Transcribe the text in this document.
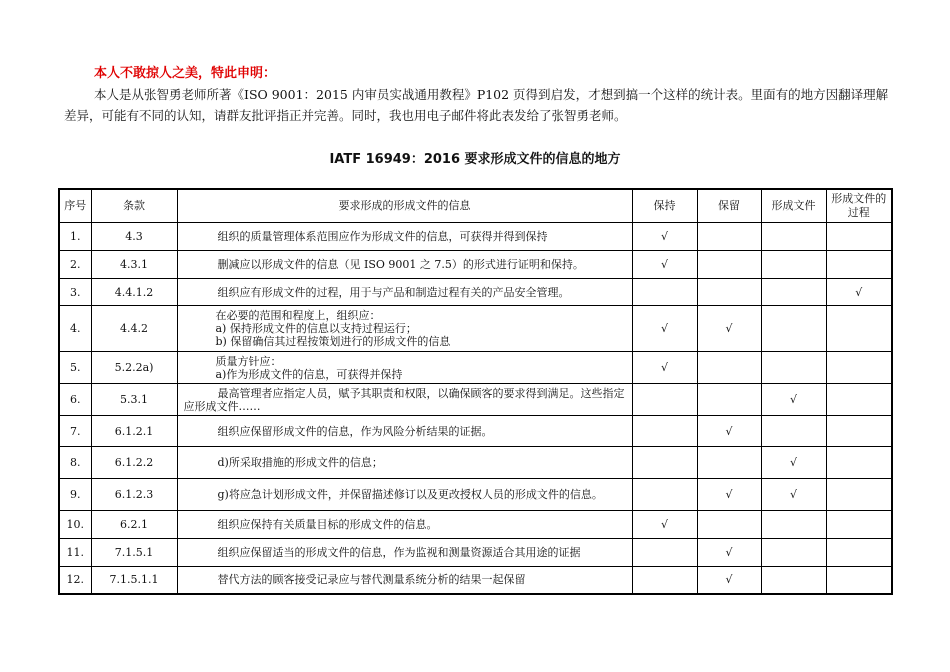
本人不敢掠人之美，特此申明：
本人是从张智勇老师所著《ISO 9001：2015 内审员实战通用教程》P102 页得到启发，才想到搞一个这样的统计表。里面有的地方因翻译理解差异，可能有不同的认知，请群友批评指正并完善。同时，我也用电子邮件将此表发给了张智勇老师。
IATF 16949：2016 要求形成文件的信息的地方
序号	条款	要求形成的形成文件的信息	保持	保留	形成文件	形成文件的过程
1.	4.3	组织的质量管理体系范围应作为形成文件的信息，可获得并得到保持	√			
2.	4.3.1	删减应以形成文件的信息（见 ISO 9001 之 7.5）的形式进行证明和保持。	√			
3.	4.4.1.2	组织应有形成文件的过程，用于与产品和制造过程有关的产品安全管理。				√
4.	4.4.2	在必要的范围和程度上，组织应：
a) 保持形成文件的信息以支持过程运行；
b) 保留确信其过程按策划进行的形成文件的信息	√	√		
5.	5.2.2a)	质量方针应：
a)作为形成文件的信息，可获得并保持	√			
6.	5.3.1	最高管理者应指定人员，赋予其职责和权限，以确保顾客的要求得到满足。这些指定应形成文件……			√	
7.	6.1.2.1	组织应保留形成文件的信息，作为风险分析结果的证据。		√		
8.	6.1.2.2	d)所采取措施的形成文件的信息；			√	
9.	6.1.2.3	g)将应急计划形成文件，并保留描述修订以及更改授权人员的形成文件的信息。		√	√	
10.	6.2.1	组织应保持有关质量目标的形成文件的信息。	√			
11.	7.1.5.1	组织应保留适当的形成文件的信息，作为监视和测量资源适合其用途的证据		√		
12.	7.1.5.1.1	替代方法的顾客接受记录应与替代测量系统分析的结果一起保留		√		
